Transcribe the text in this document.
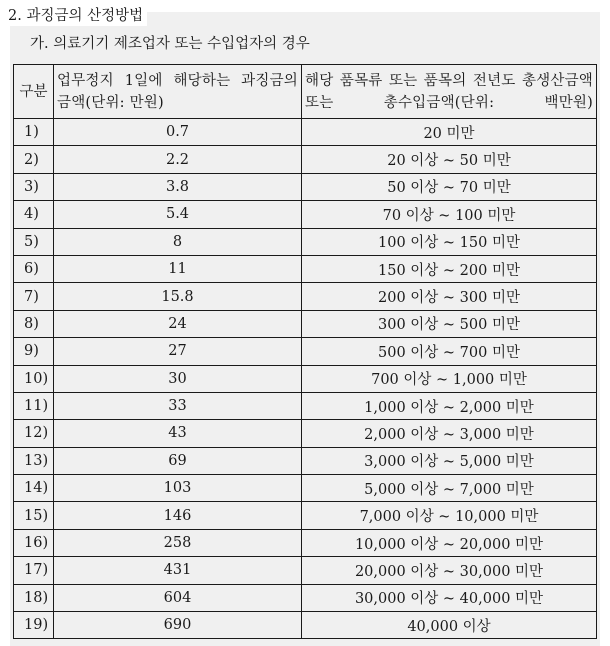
2. 과징금의 산정방법
가. 의료기기 제조업자 또는 수입업자의 경우
구분	업무정지 1일에 해당하는 과징금의 금액(단위: 만원)	해당 품목류 또는 품목의 전년도 총생산금액 또는 총수입금액(단위: 백만원)
1)	0.7	20 미만
2)	2.2	20 이상 ~ 50 미만
3)	3.8	50 이상 ~ 70 미만
4)	5.4	70 이상 ~ 100 미만
5)	8	100 이상 ~ 150 미만
6)	11	150 이상 ~ 200 미만
7)	15.8	200 이상 ~ 300 미만
8)	24	300 이상 ~ 500 미만
9)	27	500 이상 ~ 700 미만
10)	30	700 이상 ~ 1,000 미만
11)	33	1,000 이상 ~ 2,000 미만
12)	43	2,000 이상 ~ 3,000 미만
13)	69	3,000 이상 ~ 5,000 미만
14)	103	5,000 이상 ~ 7,000 미만
15)	146	7,000 이상 ~ 10,000 미만
16)	258	10,000 이상 ~ 20,000 미만
17)	431	20,000 이상 ~ 30,000 미만
18)	604	30,000 이상 ~ 40,000 미만
19)	690	40,000 이상
